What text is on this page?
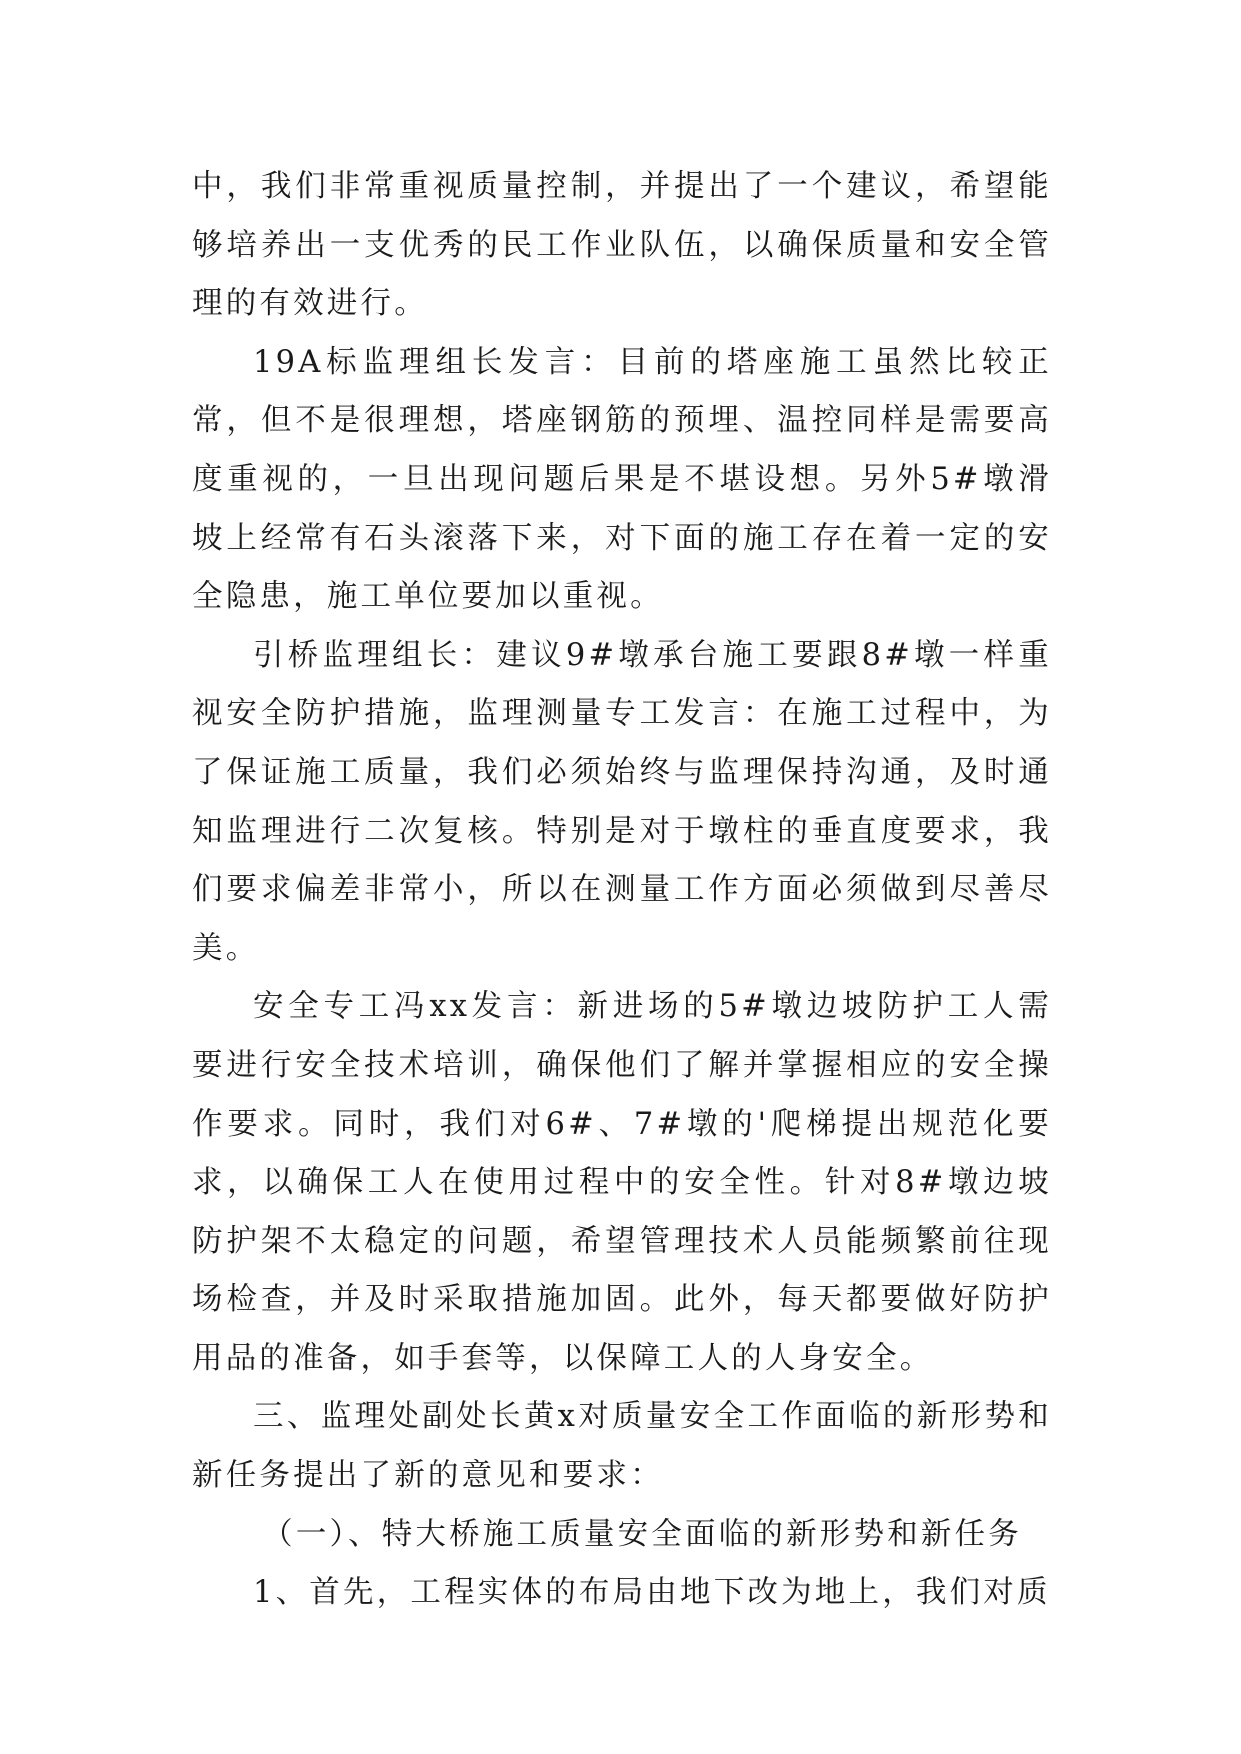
中，我们非常重视质量控制，并提出了一个建议，希望能够培养出一支优秀的民工作业队伍，以确保质量和安全管理的有效进行。

19A标监理组长发言：目前的塔座施工虽然比较正常，但不是很理想，塔座钢筋的预埋、温控同样是需要高度重视的，一旦出现问题后果是不堪设想。另外5#墩滑坡上经常有石头滚落下来，对下面的施工存在着一定的安全隐患，施工单位要加以重视。

引桥监理组长：建议9#墩承台施工要跟8#墩一样重视安全防护措施，监理测量专工发言：在施工过程中，为了保证施工质量，我们必须始终与监理保持沟通，及时通知监理进行二次复核。特别是对于墩柱的垂直度要求，我们要求偏差非常小，所以在测量工作方面必须做到尽善尽美。

安全专工冯xx发言：新进场的5#墩边坡防护工人需要进行安全技术培训，确保他们了解并掌握相应的安全操作要求。同时，我们对6#、7#墩的'爬梯提出规范化要求，以确保工人在使用过程中的安全性。针对8#墩边坡防护架不太稳定的问题，希望管理技术人员能频繁前往现场检查，并及时采取措施加固。此外，每天都要做好防护用品的准备，如手套等，以保障工人的人身安全。

三、监理处副处长黄x对质量安全工作面临的新形势和新任务提出了新的意见和要求：

（一）、特大桥施工质量安全面临的新形势和新任务

1、首先，工程实体的布局由地下改为地上，我们对质
